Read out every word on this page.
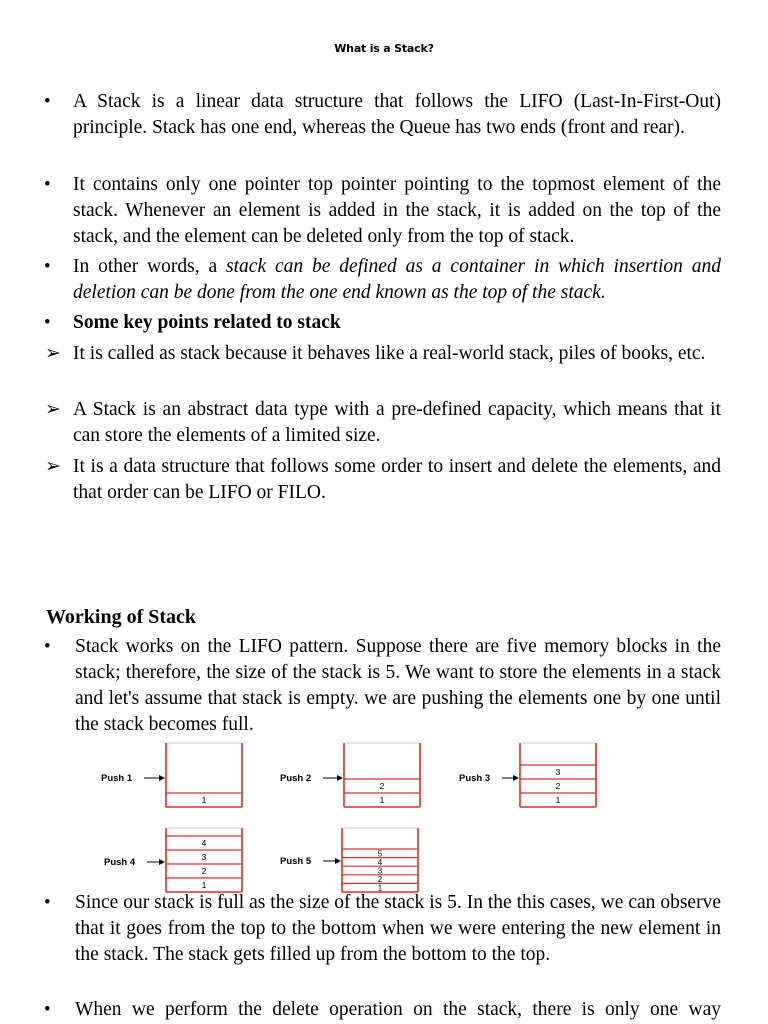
What is a Stack?
• A Stack is a linear data structure that follows the LIFO (Last-In-First-Out) principle. Stack has one end, whereas the Queue has two ends (front and rear).
• It contains only one pointer top pointer pointing to the topmost element of the stack. Whenever an element is added in the stack, it is added on the top of the stack, and the element can be deleted only from the top of stack.
• In other words, a stack can be defined as a container in which insertion and deletion can be done from the one end known as the top of the stack.
• Some key points related to stack
➢ It is called as stack because it behaves like a real-world stack, piles of books, etc.
➢ A Stack is an abstract data type with a pre-defined capacity, which means that it can store the elements of a limited size.
➢ It is a data structure that follows some order to insert and delete the elements, and that order can be LIFO or FILO.
Working of Stack
• Stack works on the LIFO pattern. Suppose there are five memory blocks in the stack; therefore, the size of the stack is 5. We want to store the elements in a stack and let's assume that stack is empty. we are pushing the elements one by one until the stack becomes full.
1
Push 1
1
2
Push 2
1
2
3
Push 3
1
2
3
4
Push 4
1
2
3
4
5
Push 5
• Since our stack is full as the size of the stack is 5. In the this cases, we can observe that it goes from the top to the bottom when we were entering the new element in the stack. The stack gets filled up from the bottom to the top.
• When we perform the delete operation on the stack, there is only one way
